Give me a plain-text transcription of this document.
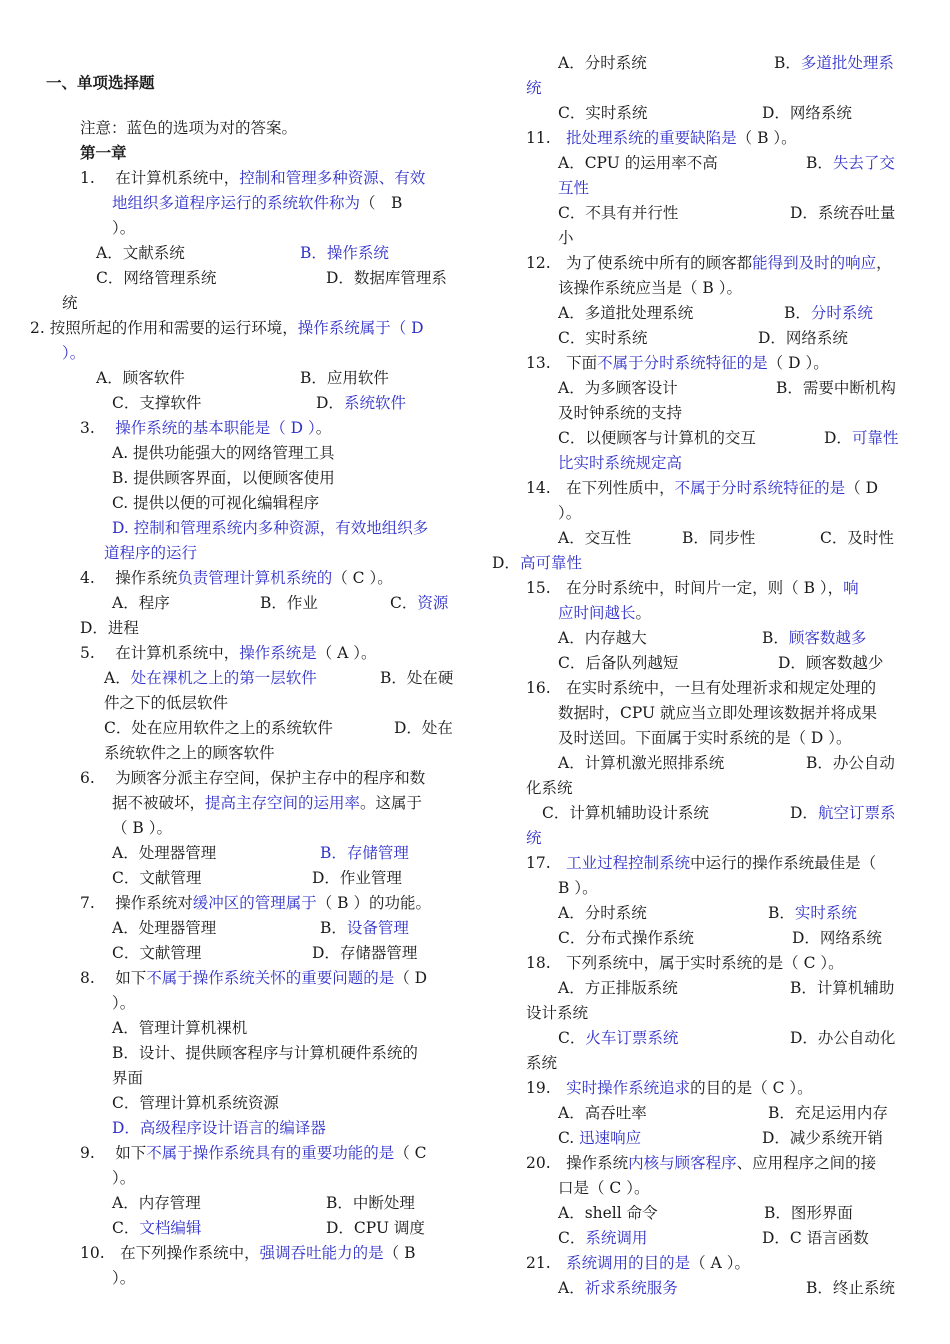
一、单项选择题
注意：蓝色的选项为对的答案。
第一章
1.　 在计算机系统中，控制和管理多种资源、有效
地组织多道程序运行的系统软件称为（　B
）。
A．文献系统	B．操作系统
C．网络管理系统	D．数据库管理系
统
2. 按照所起的作用和需要的运行环境，操作系统属于（ D
）。
A．顾客软件	B．应用软件
C．支撑软件	D．系统软件
3.　 操作系统的基本职能是（ D ）。
A. 提供功能强大的网络管理工具
B. 提供顾客界面，以便顾客使用
C. 提供以便的可视化编辑程序
D. 控制和管理系统内多种资源，有效地组织多
道程序的运行
4.　 操作系统负责管理计算机系统的（ C ）。
A．程序	B．作业	C．资源
D．进程
5.　 在计算机系统中，操作系统是（ A ）。
A．处在裸机之上的第一层软件	B．处在硬
件之下的低层软件
C．处在应用软件之上的系统软件	D．处在
系统软件之上的顾客软件
6.　 为顾客分派主存空间，保护主存中的程序和数
据不被破坏，提高主存空间的运用率。这属于
（ B ）。
A．处理器管理	B．存储管理
C．文献管理	D．作业管理
7.　 操作系统对缓冲区的管理属于（ B ）的功能。
A．处理器管理	B．设备管理
C．文献管理	D．存储器管理
8.　 如下不属于操作系统关怀的重要问题的是（ D
）。
A．管理计算机裸机
B．设计、提供顾客程序与计算机硬件系统的
界面
C．管理计算机系统资源
D．高级程序设计语言的编译器
9.　 如下不属于操作系统具有的重要功能的是（ C
）。
A．内存管理	B．中断处理
C．文档编辑	D．CPU 调度
10.　在下列操作系统中，强调吞吐能力的是（ B
）。
A．分时系统	B．多道批处理系
统
C．实时系统	D．网络系统
11.　批处理系统的重要缺陷是（ B ）。
A．CPU 的运用率不高	B．失去了交
互性
C．不具有并行性	D．系统吞吐量
小
12.　为了使系统中所有的顾客都能得到及时的响应，
该操作系统应当是（ B ）。
A．多道批处理系统	B．分时系统
C．实时系统	D．网络系统
13.　下面不属于分时系统特征的是（ D ）。
A．为多顾客设计	B．需要中断机构
及时钟系统的支持
C．以便顾客与计算机的交互	D．可靠性
比实时系统规定高
14.　在下列性质中，不属于分时系统特征的是（ D
）。
A．交互性	B．同步性	C．及时性
D．高可靠性
15.　在分时系统中，时间片一定，则（ B ），响
应时间越长。
A．内存越大	B．顾客数越多
C．后备队列越短	D．顾客数越少
16.　在实时系统中，一旦有处理祈求和规定处理的
数据时，CPU 就应当立即处理该数据并将成果
及时送回。下面属于实时系统的是（ D ）。
A．计算机激光照排系统	B．办公自动
化系统
C．计算机辅助设计系统	D．航空订票系
统
17.　工业过程控制系统中运行的操作系统最佳是（
B ）。
A．分时系统	B．实时系统
C．分布式操作系统	D．网络系统
18.　下列系统中，属于实时系统的是（ C ）。
A．方正排版系统	B．计算机辅助
设计系统
C．火车订票系统	D．办公自动化
系统
19.　实时操作系统追求的目的是（ C ）。
A．高吞吐率	B．充足运用内存
C. 迅速响应	D．减少系统开销
20.　操作系统内核与顾客程序、应用程序之间的接
口是（ C ）。
A．shell 命令	B．图形界面
C．系统调用	D．C 语言函数
21.　系统调用的目的是（ A ）。
A．祈求系统服务	B．终止系统
